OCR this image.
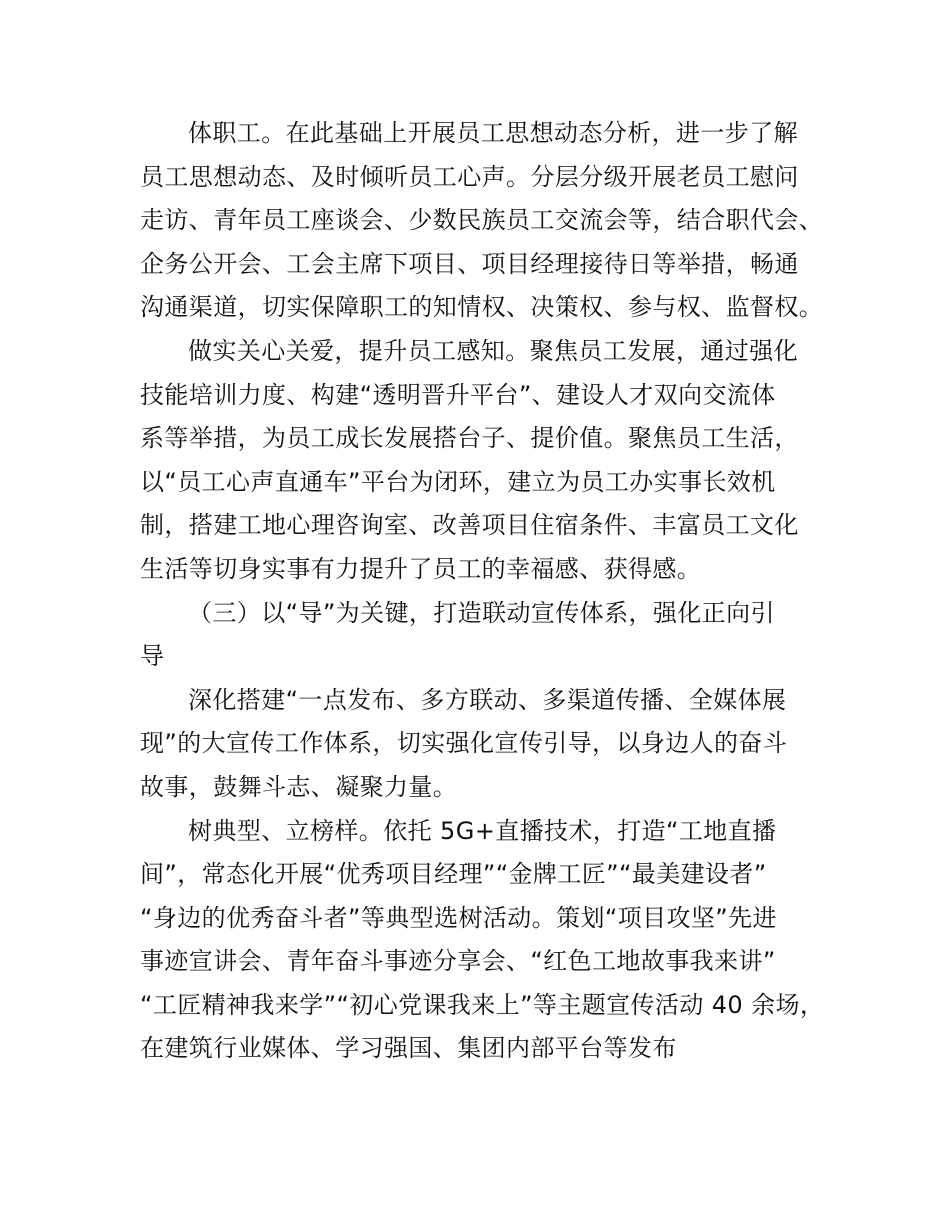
体职工。在此基础上开展员工思想动态分析，进一步了解
员工思想动态、及时倾听员工心声。分层分级开展老员工慰问
走访、青年员工座谈会、少数民族员工交流会等，结合职代会、
企务公开会、工会主席下项目、项目经理接待日等举措，畅通
沟通渠道，切实保障职工的知情权、决策权、参与权、监督权。

做实关心关爱，提升员工感知。聚焦员工发展，通过强化
技能培训力度、构建“透明晋升平台”、建设人才双向交流体
系等举措，为员工成长发展搭台子、提价值。聚焦员工生活，
以“员工心声直通车”平台为闭环，建立为员工办实事长效机
制，搭建工地心理咨询室、改善项目住宿条件、丰富员工文化
生活等切身实事有力提升了员工的幸福感、获得感。

（三）以“导”为关键，打造联动宣传体系，强化正向引
导

深化搭建“一点发布、多方联动、多渠道传播、全媒体展
现”的大宣传工作体系，切实强化宣传引导，以身边人的奋斗
故事，鼓舞斗志、凝聚力量。

树典型、立榜样。依托 5G+直播技术，打造“工地直播
间”，常态化开展“优秀项目经理”“金牌工匠”“最美建设者”
“身边的优秀奋斗者”等典型选树活动。策划“项目攻坚”先进
事迹宣讲会、青年奋斗事迹分享会、“红色工地故事我来讲”
“工匠精神我来学”“初心党课我来上”等主题宣传活动 40 余场，
在建筑行业媒体、学习强国、集团内部平台等发布
